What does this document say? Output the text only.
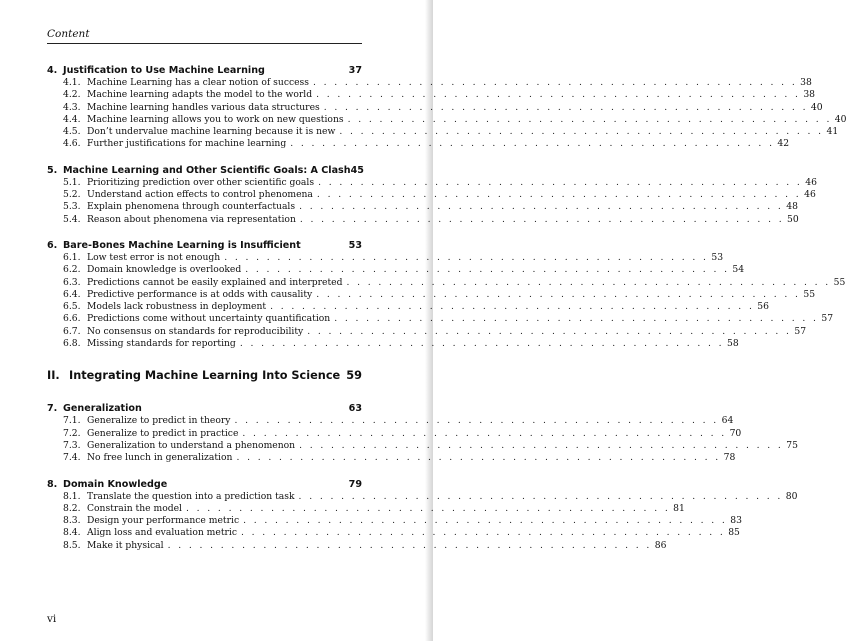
Content
4. Justification to Use Machine Learning	37
4.1. Machine Learning has a clear notion of success . . .	38
4.2. Machine learning adapts the model to the world . . .	38
4.3. Machine learning handles various data structures . . .	40
4.4. Machine learning allows you to work on new questions . . .	40
4.5. Don’t undervalue machine learning because it is new . . .	41
4.6. Further justifications for machine learning . . .	42
5. Machine Learning and Other Scientific Goals: A Clash 45
5.1. Prioritizing prediction over other scientific goals . . .	46
5.2. Understand action effects to control phenomena . . .	46
5.3. Explain phenomena through counterfactuals . . .	48
5.4. Reason about phenomena via representation . . .	50
6. Bare-Bones Machine Learning is Insufficient	53
6.1. Low test error is not enough . . .	53
6.2. Domain knowledge is overlooked . . .	54
6.3. Predictions cannot be easily explained and interpreted . . .	55
6.4. Predictive performance is at odds with causality . . .	55
6.5. Models lack robustness in deployment . . .	56
6.6. Predictions come without uncertainty quantification . . .	57
6.7. No consensus on standards for reproducibility . . .	57
6.8. Missing standards for reporting . . .	58
II. Integrating Machine Learning Into Science 59
7. Generalization	63
7.1. Generalize to predict in theory . . .	64
7.2. Generalize to predict in practice . . .	70
7.3. Generalization to understand a phenomenon . . .	75
7.4. No free lunch in generalization . . .	78
8. Domain Knowledge	79
8.1. Translate the question into a prediction task . . .	80
8.2. Constrain the model . . .	81
8.3. Design your performance metric . . .	83
8.4. Align loss and evaluation metric . . .	85
8.5. Make it physical . . .	86
vi
